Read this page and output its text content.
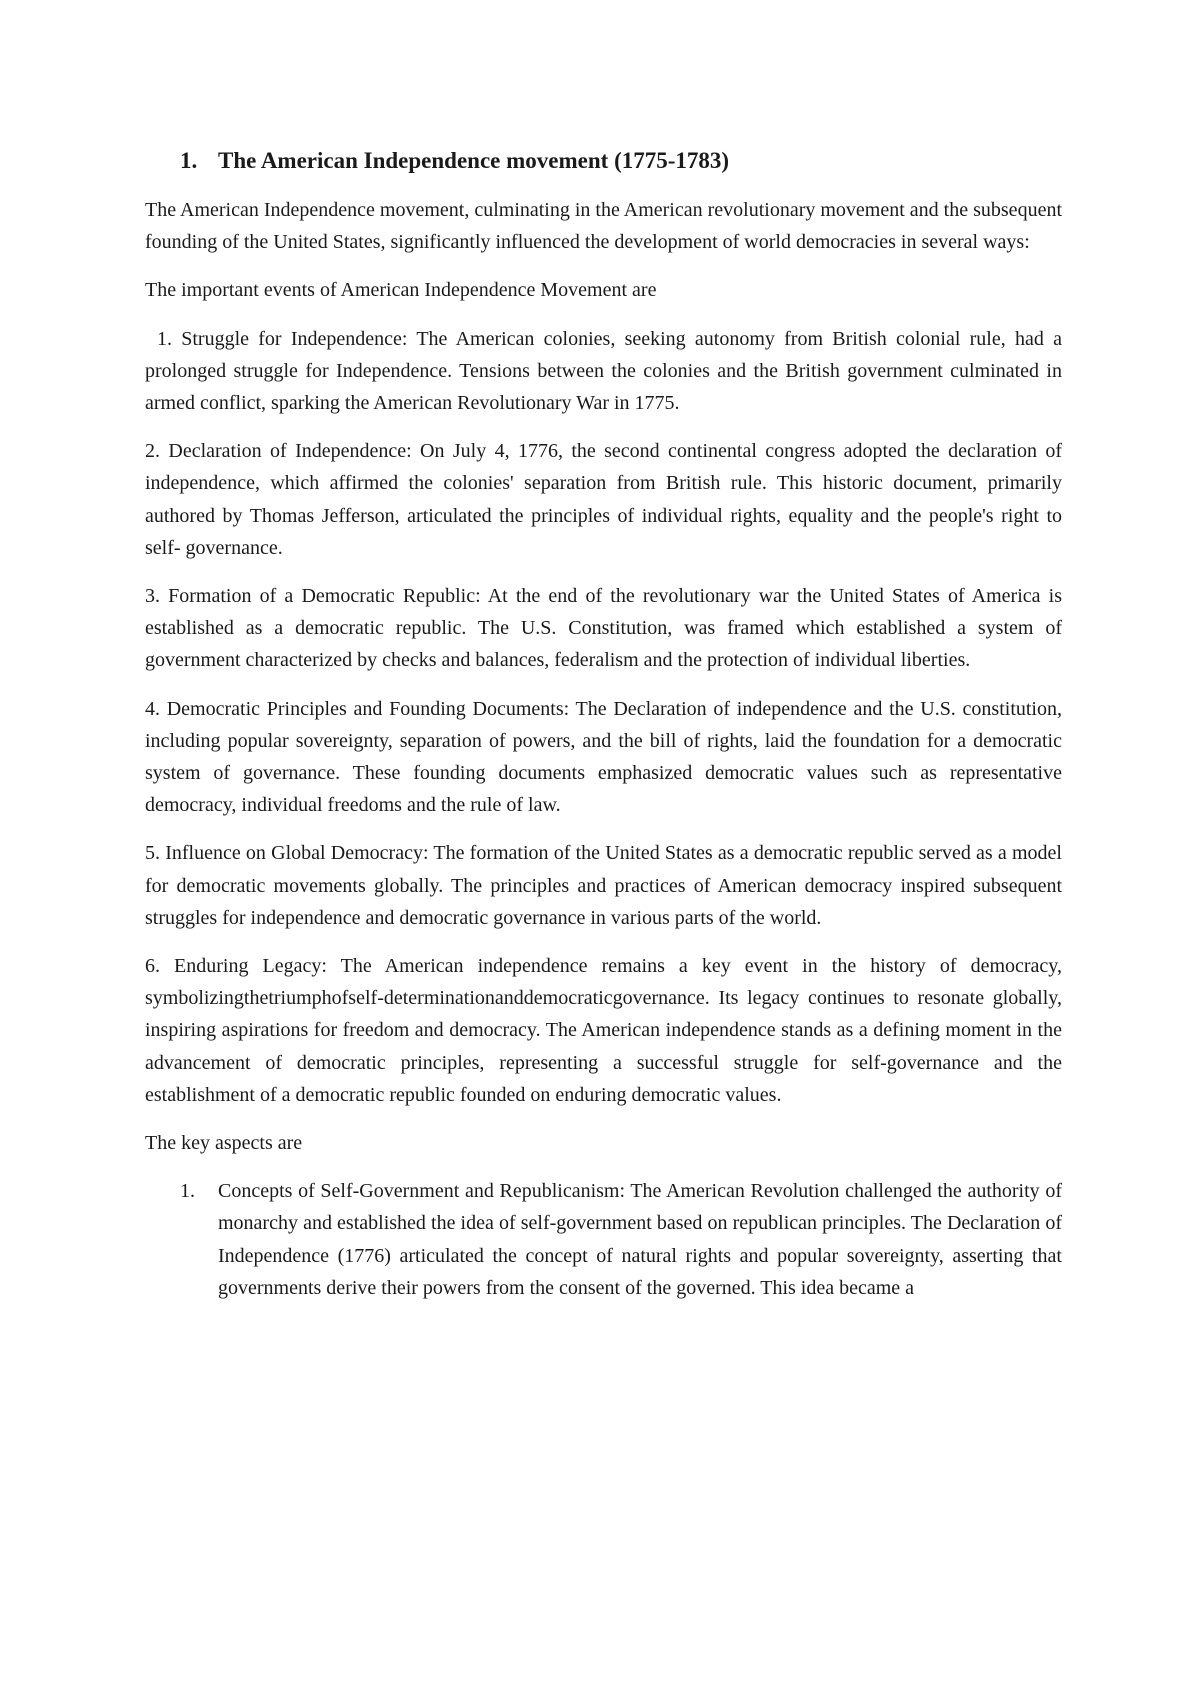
1. The American Independence movement (1775-1783)

The American Independence movement, culminating in the American revolutionary movement and the subsequent founding of the United States, significantly influenced the development of world democracies in several ways:

The important events of American Independence Movement are

1. Struggle for Independence: The American colonies, seeking autonomy from British colonial rule, had a prolonged struggle for Independence. Tensions between the colonies and the British government culminated in armed conflict, sparking the American Revolutionary War in 1775.

2. Declaration of Independence: On July 4, 1776, the second continental congress adopted the declaration of independence, which affirmed the colonies' separation from British rule. This historic document, primarily authored by Thomas Jefferson, articulated the principles of individual rights, equality and the people's right to self- governance.

3. Formation of a Democratic Republic: At the end of the revolutionary war the United States of America is established as a democratic republic. The U.S. Constitution, was framed which established a system of government characterized by checks and balances, federalism and the protection of individual liberties.

4. Democratic Principles and Founding Documents: The Declaration of independence and the U.S. constitution, including popular sovereignty, separation of powers, and the bill of rights, laid the foundation for a democratic system of governance. These founding documents emphasized democratic values such as representative democracy, individual freedoms and the rule of law.

5. Influence on Global Democracy: The formation of the United States as a democratic republic served as a model for democratic movements globally. The principles and practices of American democracy inspired subsequent struggles for independence and democratic governance in various parts of the world.

6. Enduring Legacy: The American independence remains a key event in the history of democracy, symbolizingthetriumphofself-determinationanddemocraticgovernance. Its legacy continues to resonate globally, inspiring aspirations for freedom and democracy. The American independence stands as a defining moment in the advancement of democratic principles, representing a successful struggle for self-governance and the establishment of a democratic republic founded on enduring democratic values.

The key aspects are

1.	Concepts of Self-Government and Republicanism: The American Revolution challenged the authority of monarchy and established the idea of self-government based on republican principles. The Declaration of Independence (1776) articulated the concept of natural rights and popular sovereignty, asserting that governments derive their powers from the consent of the governed. This idea became a
